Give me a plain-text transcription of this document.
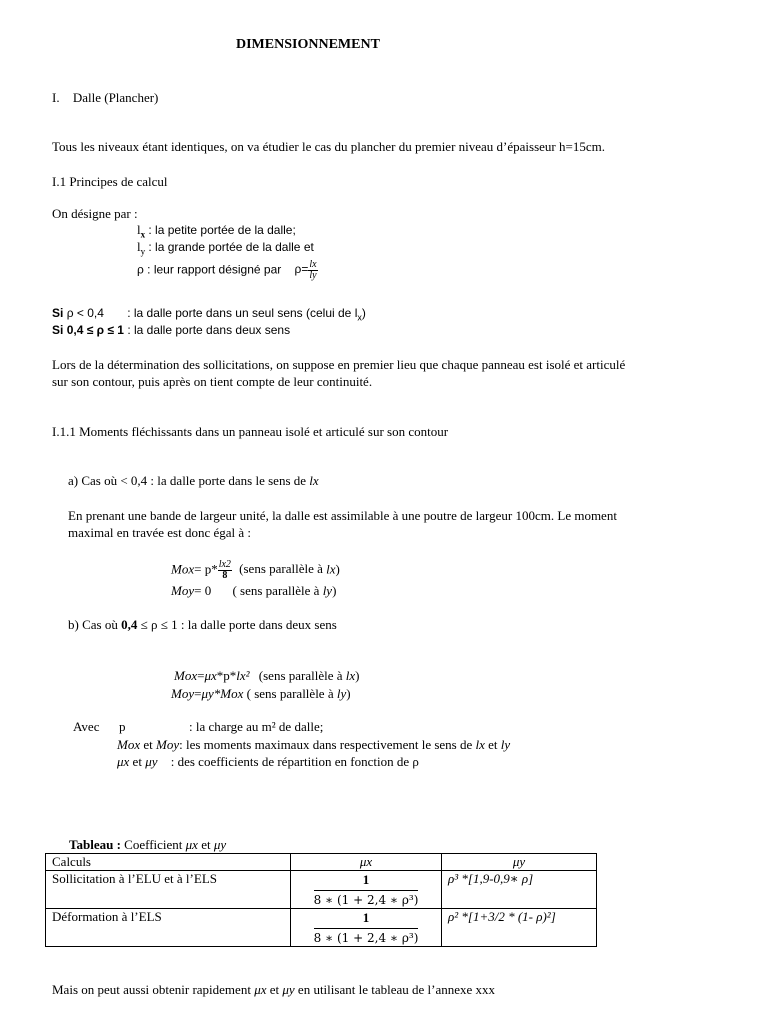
DIMENSIONNEMENT
I. Dalle (Plancher)
Tous les niveaux étant identiques, on va étudier le cas du plancher du premier niveau d’épaisseur h=15cm.
I.1 Principes de calcul
On désigne par :
$l_x$ : la petite portée de la dalle;
$l_y$ : la grande portée de la dalle et
ρ : leur rapport désigné par $\rho= \frac{lx}{ly}$
Si ρ < 0,4 : la dalle porte dans un seul sens (celui de $l_x$)
Si 0,4 ≤ ρ ≤ 1 : la dalle porte dans deux sens
Lors de la détermination des sollicitations, on suppose en premier lieu que chaque panneau est isolé et articulé
sur son contour, puis après on tient compte de leur continuité.
I.1.1 Moments fléchissants dans un panneau isolé et articulé sur son contour
a) Cas où < 0,4 : la dalle porte dans le sens de lx
En prenant une bande de largeur unité, la dalle est assimilable à une poutre de largeur 100cm. Le moment
maximal en travée est donc égal à :
$Mox= p* \frac{lx2}{8}$ (sens parallèle à lx)
Moy= 0 ( sens parallèle à ly)
b) Cas où 0,4 ≤ ρ ≤ 1 : la dalle porte dans deux sens
Mox=μx*p*lx² (sens parallèle à lx)
Moy=μy*Mox ( sens parallèle à ly)
Avec p	: la charge au m² de dalle;
Mox et Moy: les moments maximaux dans respectivement le sens de lx et ly
μx et μy : des coefficients de répartition en fonction de ρ
Tableau : Coefficient μx et μy
Calculs	μx	μy
Sollicitation à l’ELU et à l’ELS	$\frac{1}{\text{8 ∗ (1 + 2,4 ∗ ρ³)}}$	ρ³ *[1,9-0,9∗ ρ]
Déformation à l’ELS	$\frac{1}{\text{8 ∗ (1 + 2,4 ∗ ρ³)}}$	ρ² *[1+3/2 * (1- ρ)²]
Mais on peut aussi obtenir rapidement μx et μy en utilisant le tableau de l’annexe xxx
